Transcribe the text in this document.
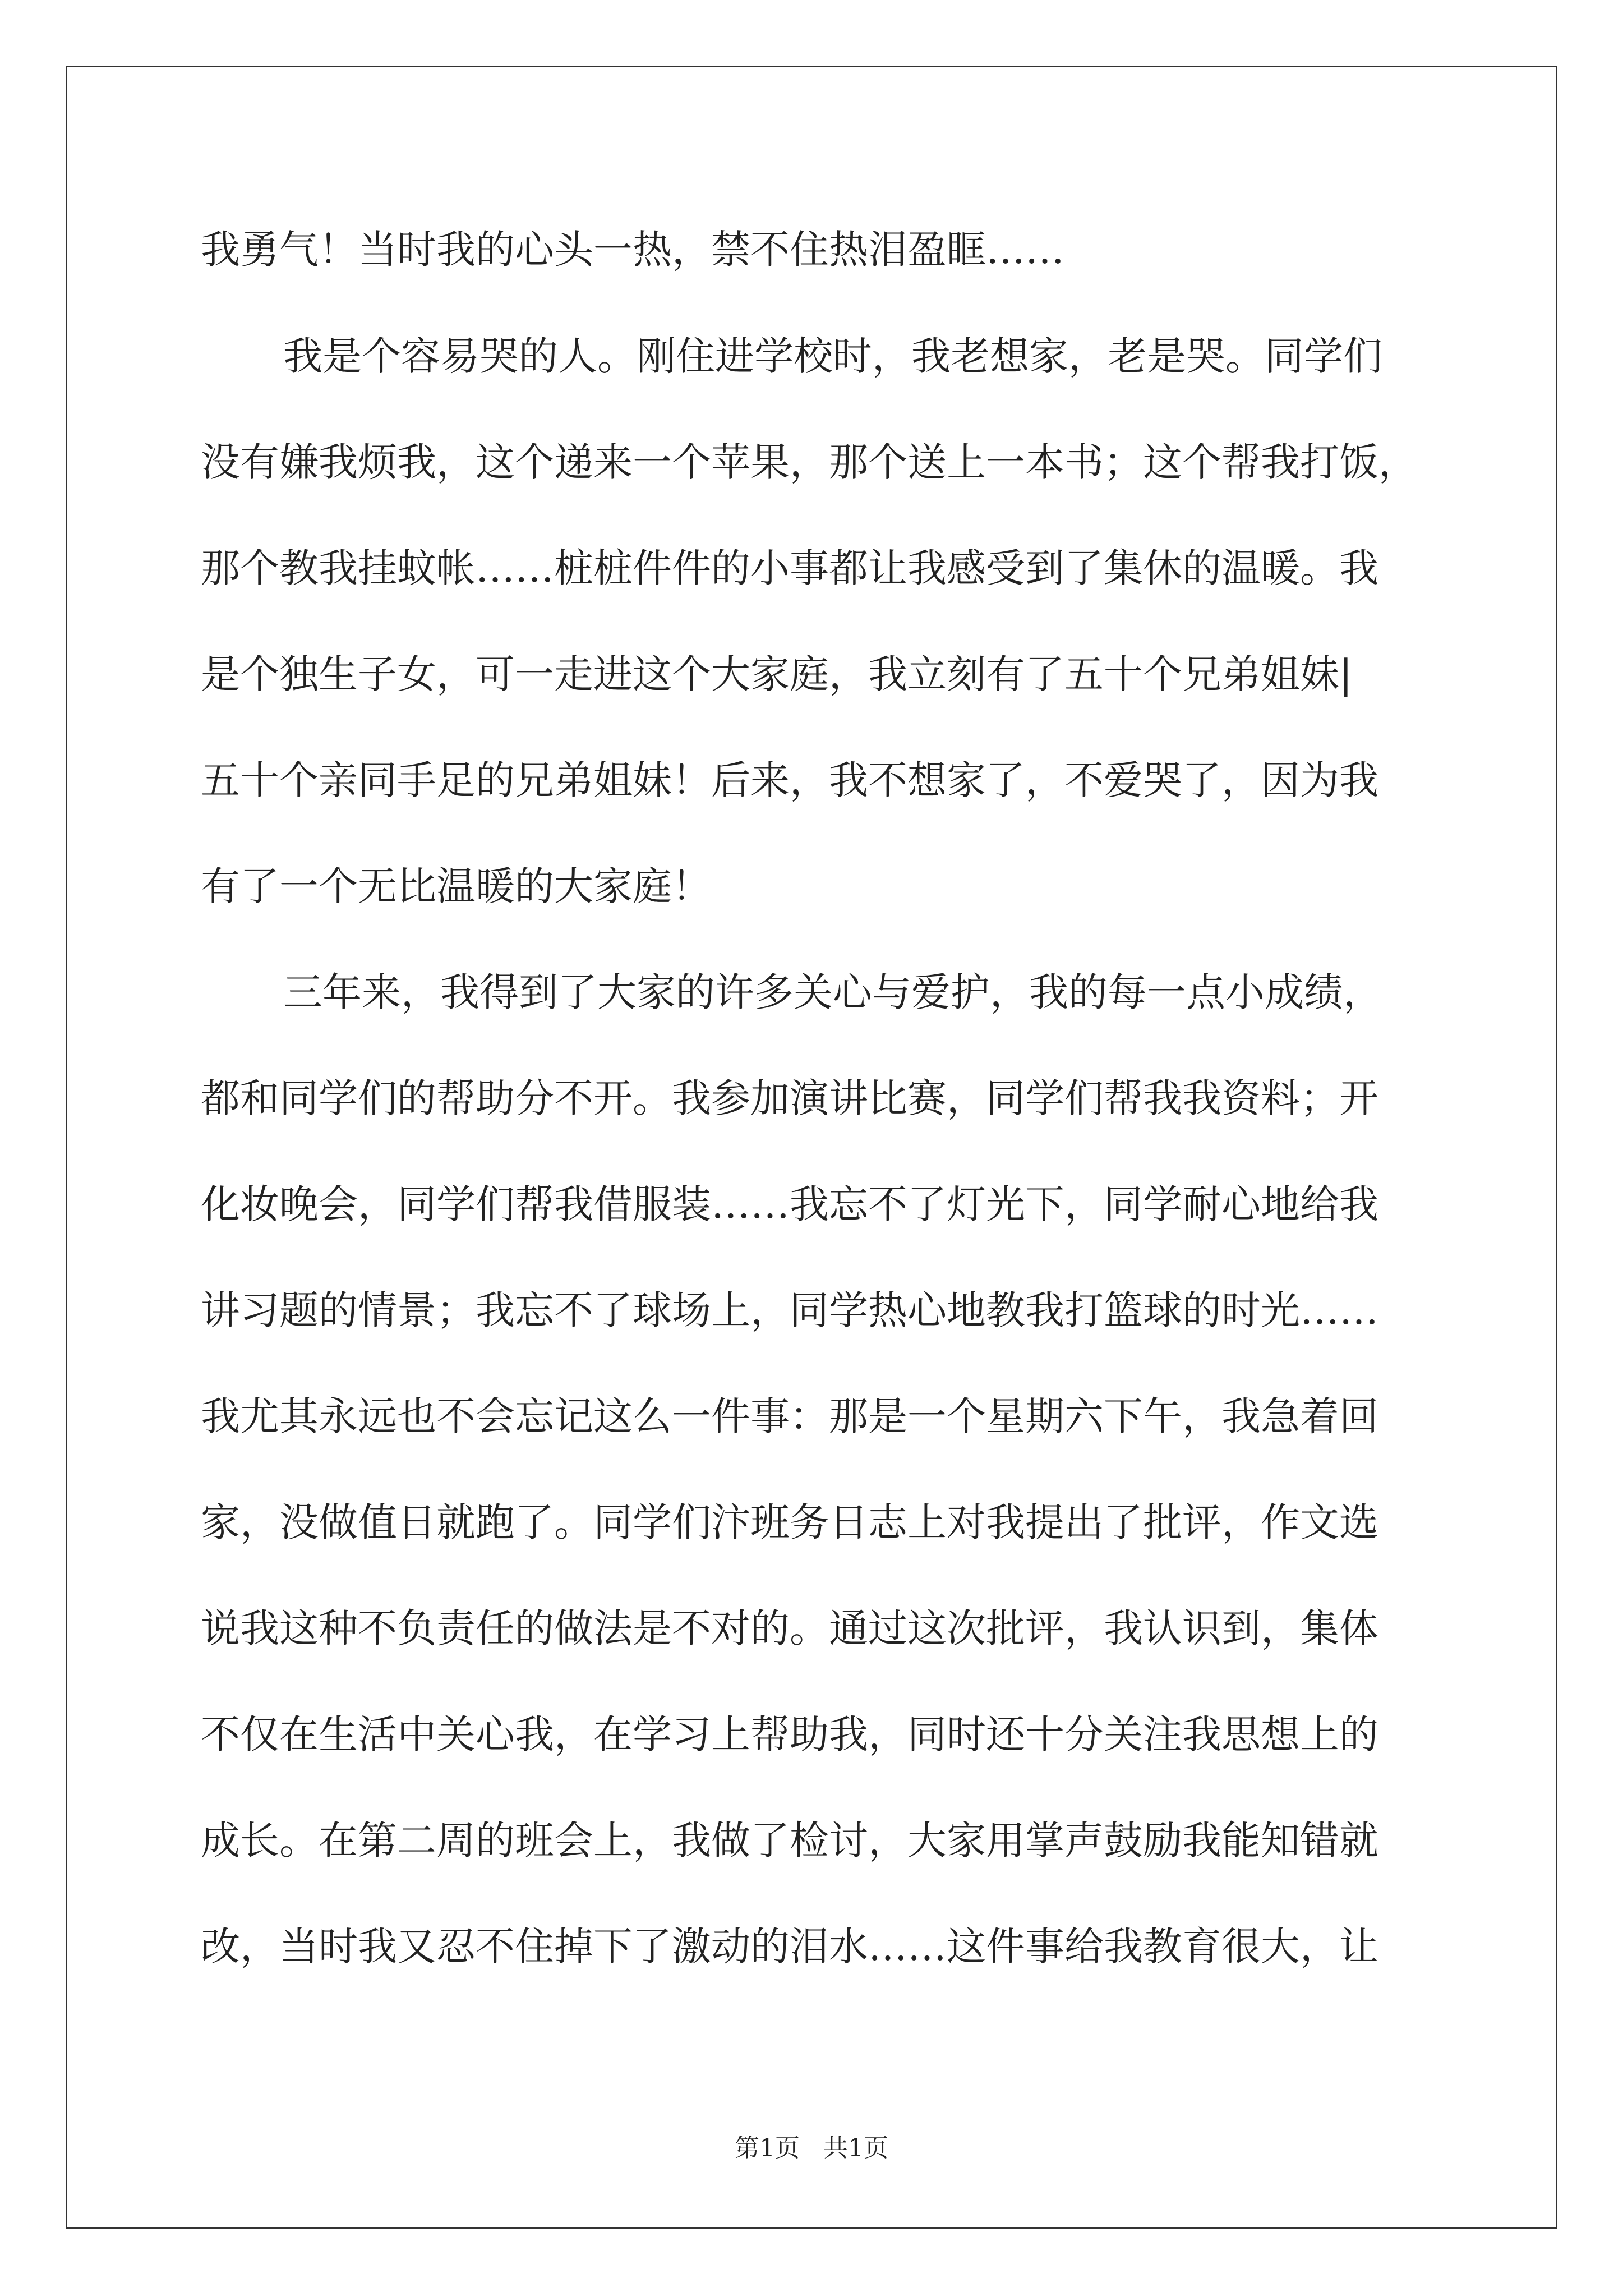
我勇气！当时我的心头一热，禁不住热泪盈眶……

我是个容易哭的人。刚住进学校时，我老想家，老是哭。同学们

没有嫌我烦我，这个递来一个苹果，那个送上一本书；这个帮我打饭，

那个教我挂蚊帐……桩桩件件的小事都让我感受到了集休的温暖。我

是个独生子女，可一走进这个大家庭，我立刻有了五十个兄弟姐妹|

五十个亲同手足的兄弟姐妹！后来，我不想家了，不爱哭了，因为我

有了一个无比温暖的大家庭！

三年来，我得到了大家的许多关心与爱护，我的每一点小成绩，

都和同学们的帮助分不开。我参加演讲比赛，同学们帮我我资料；开

化妆晚会，同学们帮我借服装……我忘不了灯光下，同学耐心地给我

讲习题的情景；我忘不了球场上，同学热心地教我打篮球的时光……

我尤其永远也不会忘记这么一件事：那是一个星期六下午，我急着回

家，没做值日就跑了。同学们汴班务日志上对我提出了批评，作文选

说我这种不负责任的做法是不对的。通过这次批评，我认识到，集体

不仅在生活中关心我，在学习上帮助我，同时还十分关注我思想上的

成长。在第二周的班会上，我做了检讨，大家用掌声鼓励我能知错就

改，当时我又忍不住掉下了激动的泪水……这件事给我教育很大，让

第1页 共1页
